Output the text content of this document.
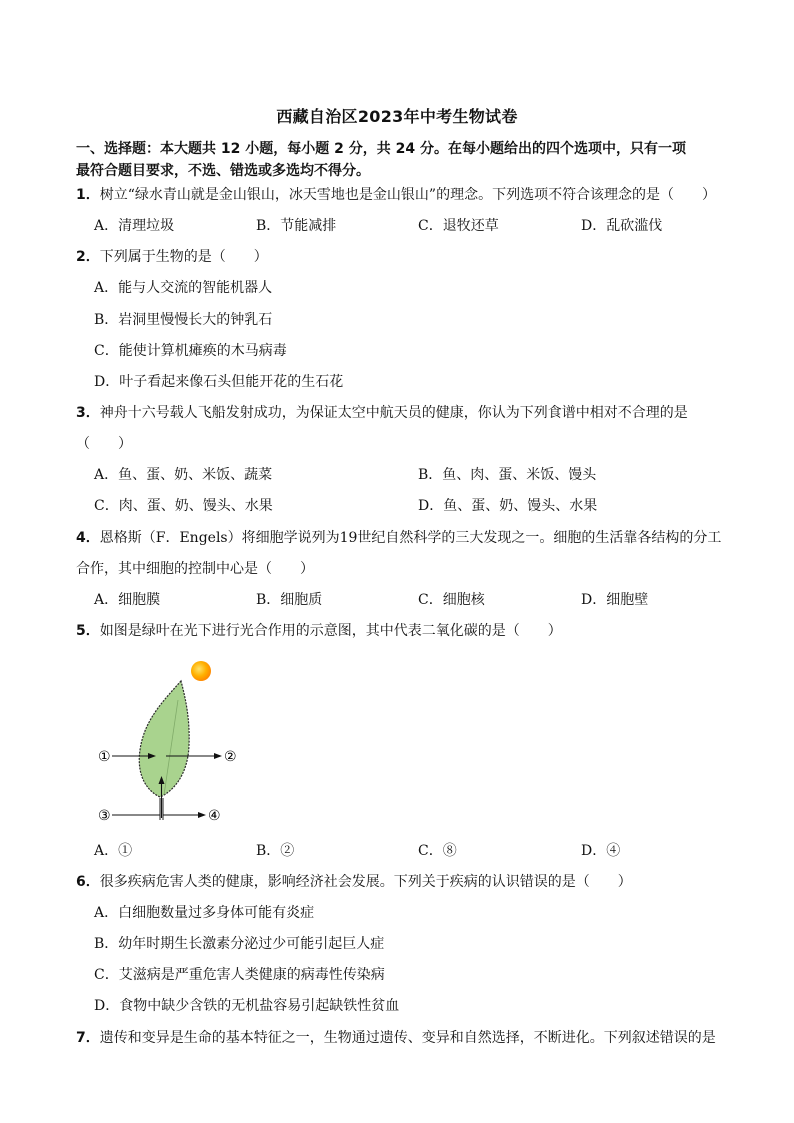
西藏自治区2023年中考生物试卷
一、选择题：本大题共 12 小题，每小题 2 分，共 24 分。在每小题给出的四个选项中，只有一项
最符合题目要求，不选、错选或多选均不得分。
1．树立“绿水青山就是金山银山，冰天雪地也是金山银山”的理念。下列选项不符合该理念的是（　　）
A．清理垃圾	B．节能减排	C．退牧还草	D．乱砍滥伐
2．下列属于生物的是（　　）
A．能与人交流的智能机器人
B．岩洞里慢慢长大的钟乳石
C．能使计算机瘫痪的木马病毒
D．叶子看起来像石头但能开花的生石花
3．神舟十六号载人飞船发射成功，为保证太空中航天员的健康，你认为下列食谱中相对不合理的是
（　　）
A．鱼、蛋、奶、米饭、蔬菜	B．鱼、肉、蛋、米饭、馒头
C．肉、蛋、奶、馒头、水果	D．鱼、蛋、奶、馒头、水果
4．恩格斯（F．Engels）将细胞学说列为19世纪自然科学的三大发现之一。细胞的生活靠各结构的分工
合作，其中细胞的控制中心是（　　）
A．细胞膜	B．细胞质	C．细胞核	D．细胞壁
5．如图是绿叶在光下进行光合作用的示意图，其中代表二氧化碳的是（　　）
①	②
③	④
A．①	B．②	C．⑧	D．④
6．很多疾病危害人类的健康，影响经济社会发展。下列关于疾病的认识错误的是（　　）
A．白细胞数量过多身体可能有炎症
B．幼年时期生长激素分泌过少可能引起巨人症
C．艾滋病是严重危害人类健康的病毒性传染病
D．食物中缺少含铁的无机盐容易引起缺铁性贫血
7．遗传和变异是生命的基本特征之一，生物通过遗传、变异和自然选择，不断进化。下列叙述错误的是
